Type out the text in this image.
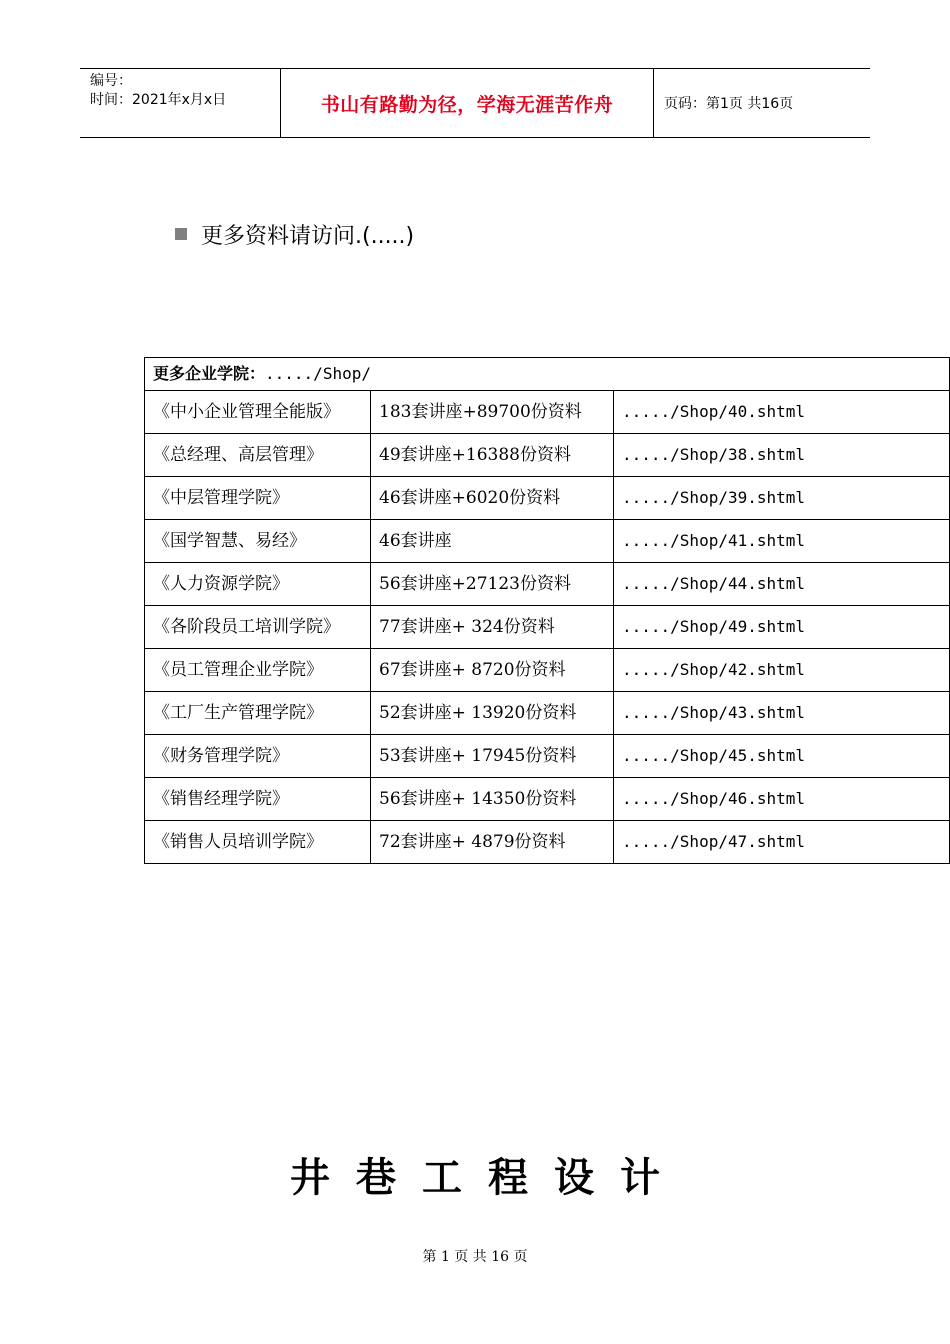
编号：
时间：2021年x月x日	书山有路勤为径，学海无涯苦作舟	页码：第1页 共16页
更多资料请访问.(.....)
更多企业学院：...../Shop/		
《中小企业管理全能版》	183套讲座+89700份资料	...../Shop/40.shtml
《总经理、高层管理》	49套讲座+16388份资料	...../Shop/38.shtml
《中层管理学院》	46套讲座+6020份资料	...../Shop/39.shtml
《国学智慧、易经》	46套讲座	...../Shop/41.shtml
《人力资源学院》	56套讲座+27123份资料	...../Shop/44.shtml
《各阶段员工培训学院》	77套讲座+ 324份资料	...../Shop/49.shtml
《员工管理企业学院》	67套讲座+ 8720份资料	...../Shop/42.shtml
《工厂生产管理学院》	52套讲座+ 13920份资料	...../Shop/43.shtml
《财务管理学院》	53套讲座+ 17945份资料	...../Shop/45.shtml
《销售经理学院》	56套讲座+ 14350份资料	...../Shop/46.shtml
《销售人员培训学院》	72套讲座+ 4879份资料	...../Shop/47.shtml
井巷工程设计
第 1 页 共 16 页
